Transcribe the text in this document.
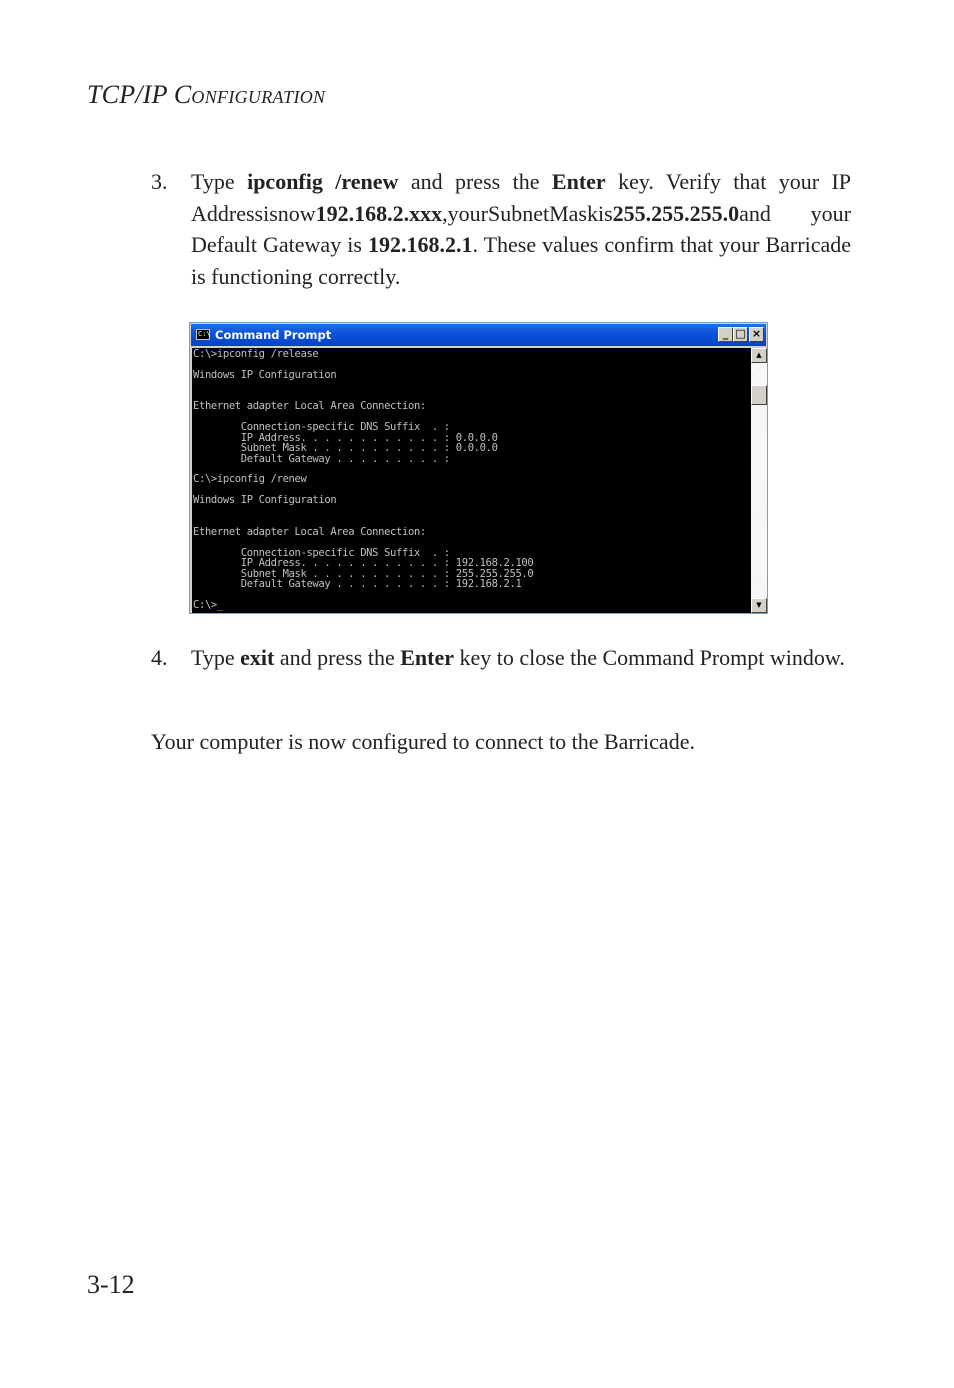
TCP/IP CONFIGURATION
3. Type ipconfig /renew and press the Enter key. Verify that your IP Addressisnow192.168.2.xxx,yourSubnetMaskis255.255.255.0and your Default Gateway is 192.168.2.1. These values confirm that your Barricade is functioning correctly.
C:\ Command Prompt	_ □ ×
C:\>ipconfig /release

Windows IP Configuration

Ethernet adapter Local Area Connection:

Connection-specific DNS Suffix  . :
IP Address. . . . . . . . . . . . : 0.0.0.0
Subnet Mask . . . . . . . . . . . : 0.0.0.0
Default Gateway . . . . . . . . . :

C:\>ipconfig /renew

Windows IP Configuration

Ethernet adapter Local Area Connection:

Connection-specific DNS Suffix  . :
IP Address. . . . . . . . . . . . : 192.168.2.100
Subnet Mask . . . . . . . . . . . : 255.255.255.0
Default Gateway . . . . . . . . . : 192.168.2.1

C:\>_
▲
▼
4. Type exit and press the Enter key to close the Command Prompt window.
Your computer is now configured to connect to the Barricade.
3-12
